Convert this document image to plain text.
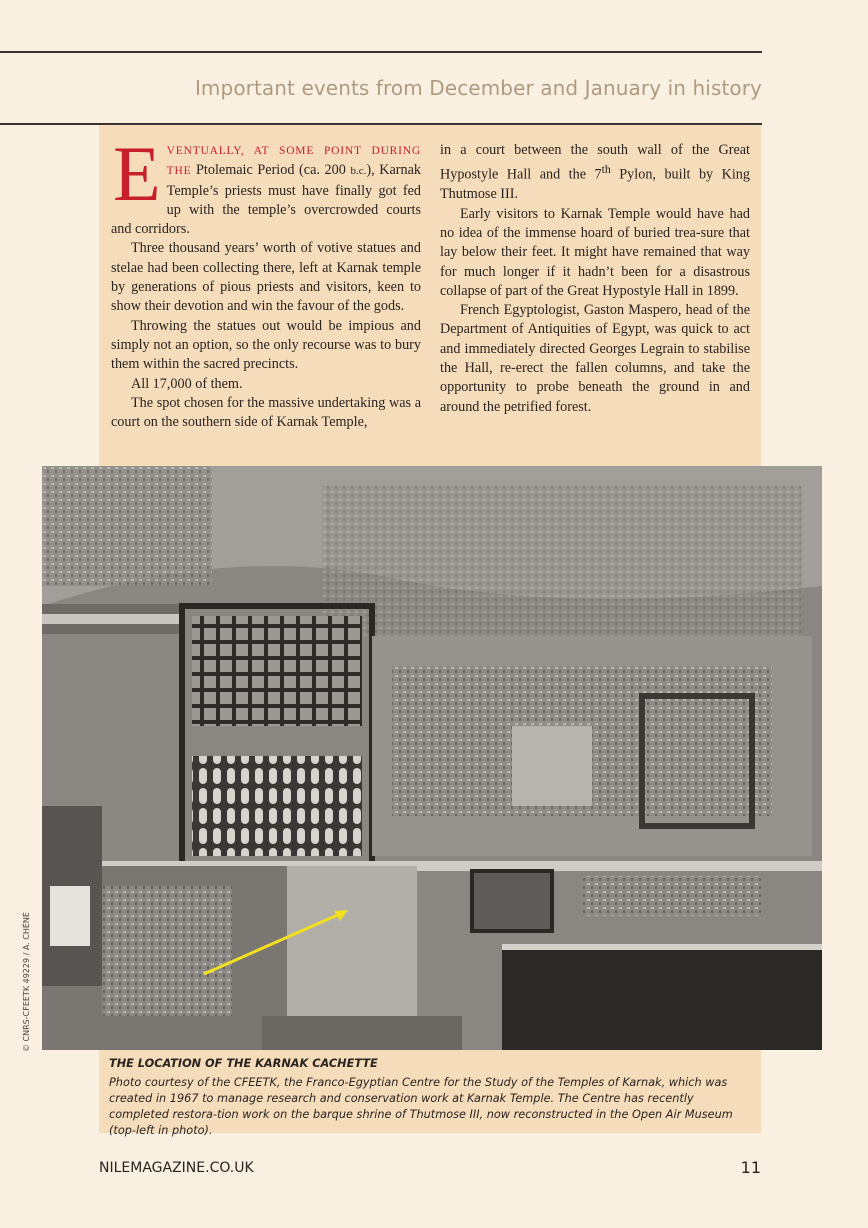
Important events from December and January in history

EVENTUALLY, AT SOME POINT DURING THE Ptolemaic Period (ca. 200 b.c.), Karnak Temple’s priests must have finally got fed up with the temple’s overcrowded courts and corridors.

Three thousand years’ worth of votive statues and stelae had been collecting there, left at Karnak temple by generations of pious priests and visitors, keen to show their devotion and win the favour of the gods.

Throwing the statues out would be impious and simply not an option, so the only recourse was to bury them within the sacred precincts.

All 17,000 of them.

The spot chosen for the massive undertaking was a court on the southern side of Karnak Temple,

in a court between the south wall of the Great Hypostyle Hall and the 7th Pylon, built by King Thutmose III.

Early visitors to Karnak Temple would have had no idea of the immense hoard of buried trea-sure that lay below their feet. It might have remained that way for much longer if it hadn’t been for a disastrous collapse of part of the Great Hypostyle Hall in 1899.

French Egyptologist, Gaston Maspero, head of the Department of Antiquities of Egypt, was quick to act and immediately directed Georges Legrain to stabilise the Hall, re-erect the fallen columns, and take the opportunity to probe beneath the ground in and around the petrified forest.

© CNRS-CFEETK 49229 / A. CHÉNÉ
THE LOCATION OF THE KARNAK CACHETTE
Photo courtesy of the CFEETK, the Franco-Egyptian Centre for the Study of the Temples of Karnak, which was created in 1967 to manage research and conservation work at Karnak Temple. The Centre has recently completed restora-tion work on the barque shrine of Thutmose III, now reconstructed in the Open Air Museum (top-left in photo).
NILEMAGAZINE.CO.UK	11
